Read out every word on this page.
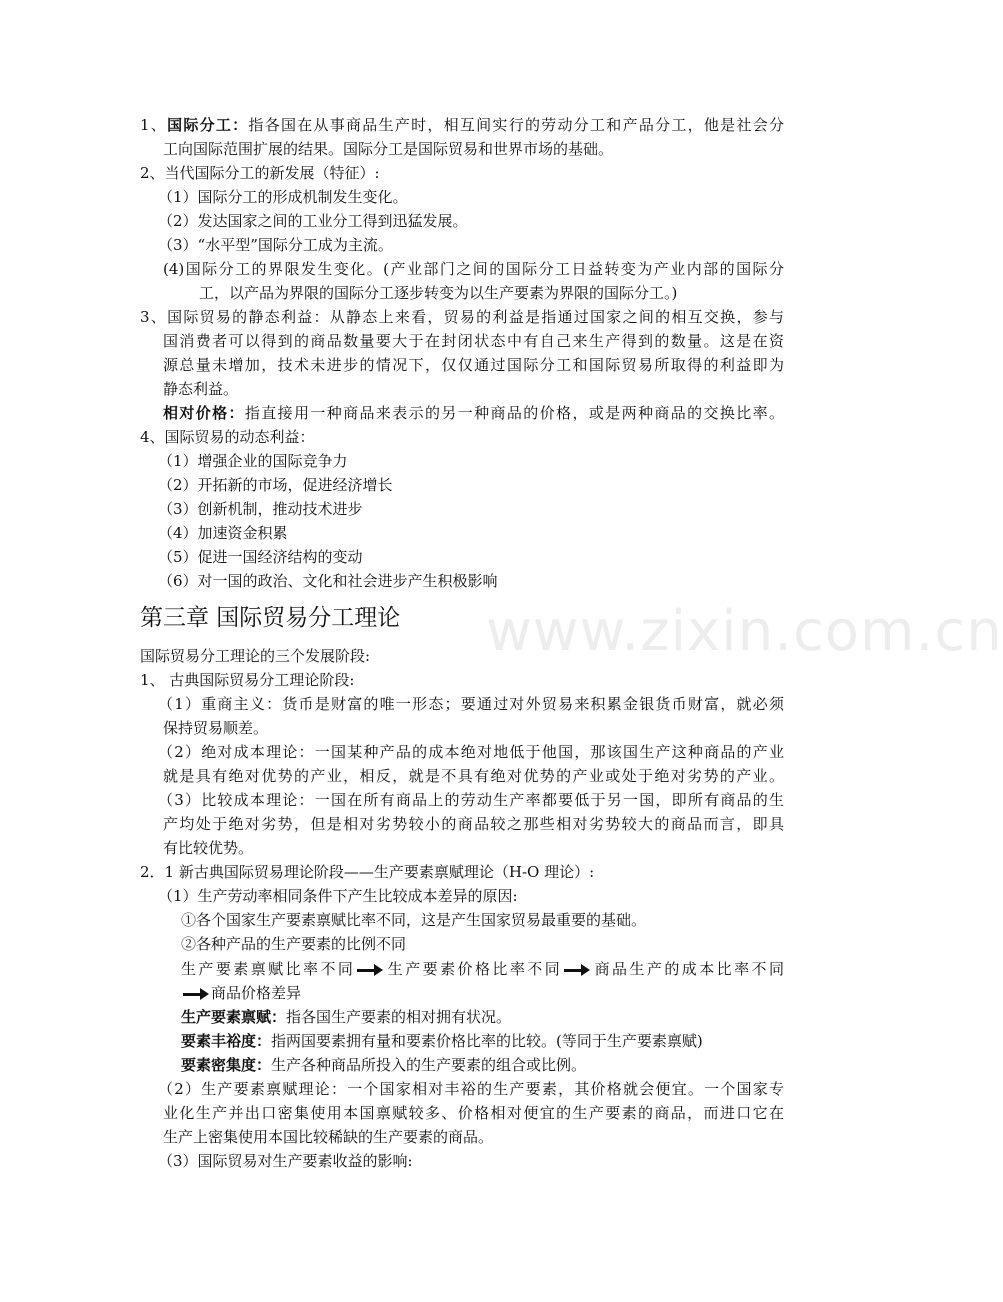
www.zixin.com.cn
1、国际分工：指各国在从事商品生产时，相互间实行的劳动分工和产品分工，他是社会分
工向国际范围扩展的结果。国际分工是国际贸易和世界市场的基础。
2、当代国际分工的新发展（特征）:
（1）国际分工的形成机制发生变化。
（2）发达国家之间的工业分工得到迅猛发展。
（3）“水平型”国际分工成为主流。
(4)国际分工的界限发生变化。(产业部门之间的国际分工日益转变为产业内部的国际分
工，以产品为界限的国际分工逐步转变为以生产要素为界限的国际分工。)
3、国际贸易的静态利益：从静态上来看，贸易的利益是指通过国家之间的相互交换，参与
国消费者可以得到的商品数量要大于在封闭状态中有自己来生产得到的数量。这是在资
源总量未增加，技术未进步的情况下，仅仅通过国际分工和国际贸易所取得的利益即为
静态利益。
相对价格：指直接用一种商品来表示的另一种商品的价格，或是两种商品的交换比率。
4、国际贸易的动态利益：
（1）增强企业的国际竞争力
（2）开拓新的市场，促进经济增长
（3）创新机制，推动技术进步
（4）加速资金积累
（5）促进一国经济结构的变动
（6）对一国的政治、文化和社会进步产生积极影响
第三章 国际贸易分工理论
国际贸易分工理论的三个发展阶段:
1、 古典国际贸易分工理论阶段:
（1）重商主义：货币是财富的唯一形态；要通过对外贸易来积累金银货币财富，就必须
保持贸易顺差。
（2）绝对成本理论：一国某种产品的成本绝对地低于他国，那该国生产这种商品的产业
就是具有绝对优势的产业，相反，就是不具有绝对优势的产业或处于绝对劣势的产业。
（3）比较成本理论：一国在所有商品上的劳动生产率都要低于另一国，即所有商品的生
产均处于绝对劣势，但是相对劣势较小的商品较之那些相对劣势较大的商品而言，即具
有比较优势。
2．1 新古典国际贸易理论阶段——生产要素禀赋理论（H-O 理论）:
（1）生产劳动率相同条件下产生比较成本差异的原因:
①各个国家生产要素禀赋比率不同，这是产生国家贸易最重要的基础。
②各种产品的生产要素的比例不同
生产要素禀赋比率不同 生产要素价格比率不同 商品生产的成本比率不同
商品价格差异
生产要素禀赋：指各国生产要素的相对拥有状况。
要素丰裕度：指两国要素拥有量和要素价格比率的比较。(等同于生产要素禀赋)
要素密集度：生产各种商品所投入的生产要素的组合或比例。
（2）生产要素禀赋理论：一个国家相对丰裕的生产要素，其价格就会便宜。一个国家专
业化生产并出口密集使用本国禀赋较多、价格相对便宜的生产要素的商品，而进口它在
生产上密集使用本国比较稀缺的生产要素的商品。
（3）国际贸易对生产要素收益的影响:
